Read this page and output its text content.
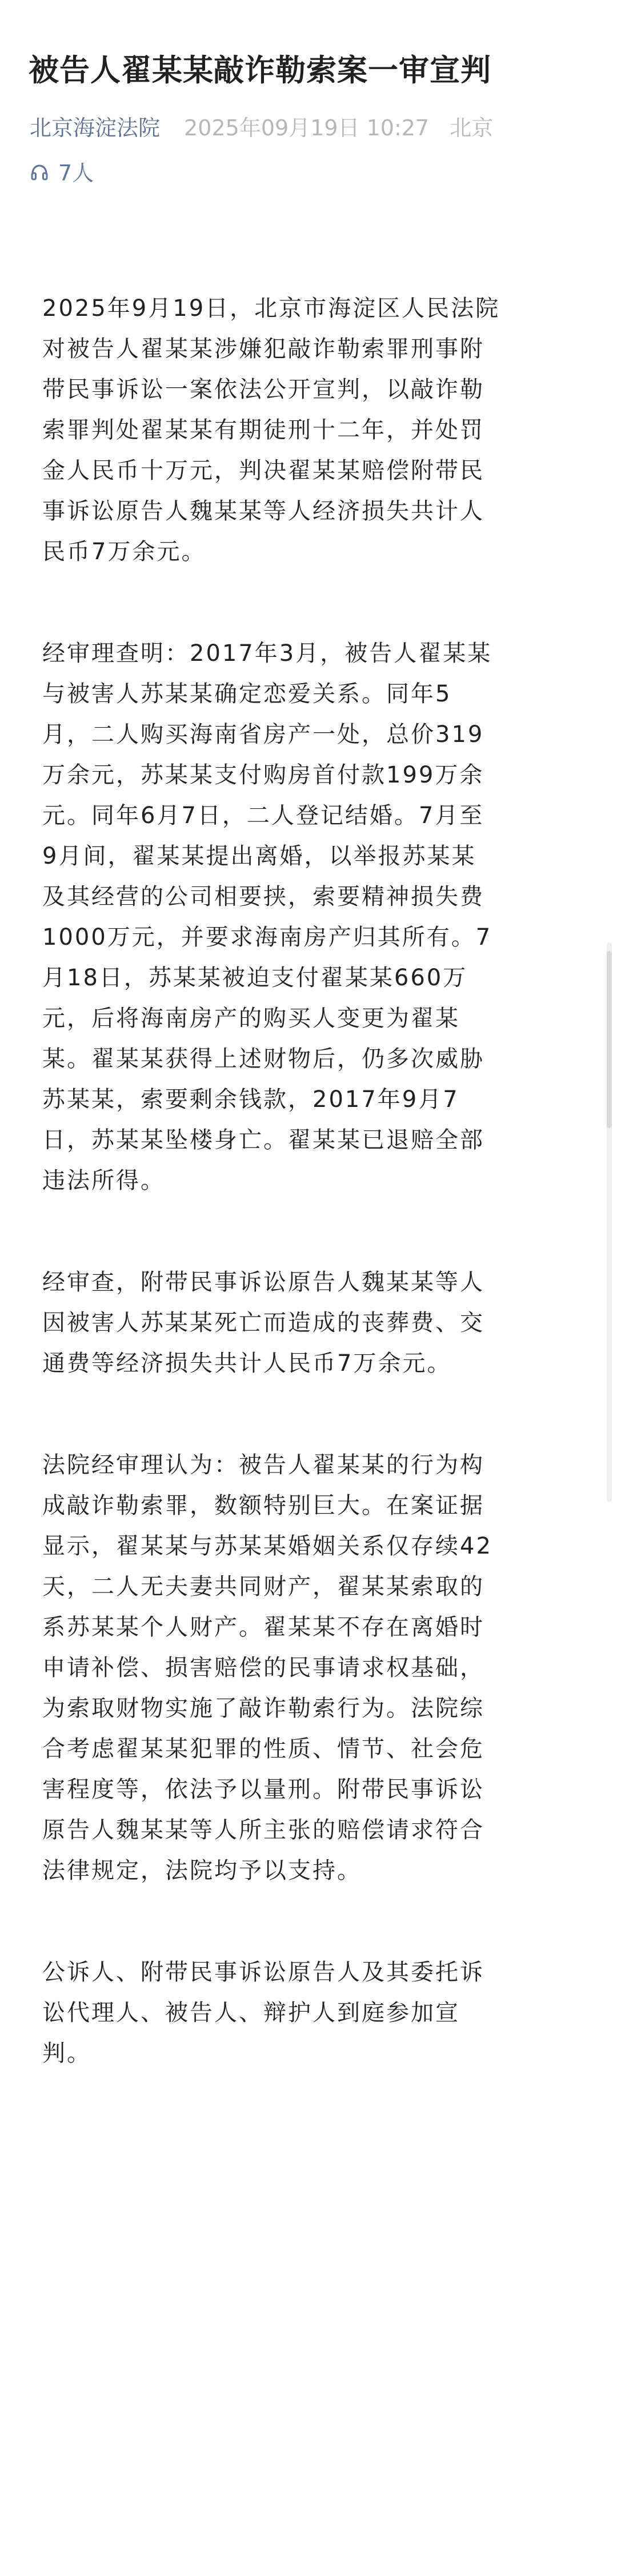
被告人翟某某敲诈勒索案一审宣判
北京海淀法院 2025年09月19日 10:27 北京
7人

2025年9月19日，北京市海淀区人民法院
对被告人翟某某涉嫌犯敲诈勒索罪刑事附
带民事诉讼一案依法公开宣判，以敲诈勒
索罪判处翟某某有期徒刑十二年，并处罚
金人民币十万元，判决翟某某赔偿附带民
事诉讼原告人魏某某等人经济损失共计人
民币7万余元。

经审理查明：2017年3月，被告人翟某某
与被害人苏某某确定恋爱关系。同年5
月，二人购买海南省房产一处，总价319
万余元，苏某某支付购房首付款199万余
元。同年6月7日，二人登记结婚。7月至
9月间，翟某某提出离婚，以举报苏某某
及其经营的公司相要挟，索要精神损失费
1000万元，并要求海南房产归其所有。7
月18日，苏某某被迫支付翟某某660万
元，后将海南房产的购买人变更为翟某
某。翟某某获得上述财物后，仍多次威胁
苏某某，索要剩余钱款，2017年9月7
日，苏某某坠楼身亡。翟某某已退赔全部
违法所得。

经审查，附带民事诉讼原告人魏某某等人
因被害人苏某某死亡而造成的丧葬费、交
通费等经济损失共计人民币7万余元。

法院经审理认为：被告人翟某某的行为构
成敲诈勒索罪，数额特别巨大。在案证据
显示，翟某某与苏某某婚姻关系仅存续42
天，二人无夫妻共同财产，翟某某索取的
系苏某某个人财产。翟某某不存在离婚时
申请补偿、损害赔偿的民事请求权基础，
为索取财物实施了敲诈勒索行为。法院综
合考虑翟某某犯罪的性质、情节、社会危
害程度等，依法予以量刑。附带民事诉讼
原告人魏某某等人所主张的赔偿请求符合
法律规定，法院均予以支持。

公诉人、附带民事诉讼原告人及其委托诉
讼代理人、被告人、辩护人到庭参加宣
判。
